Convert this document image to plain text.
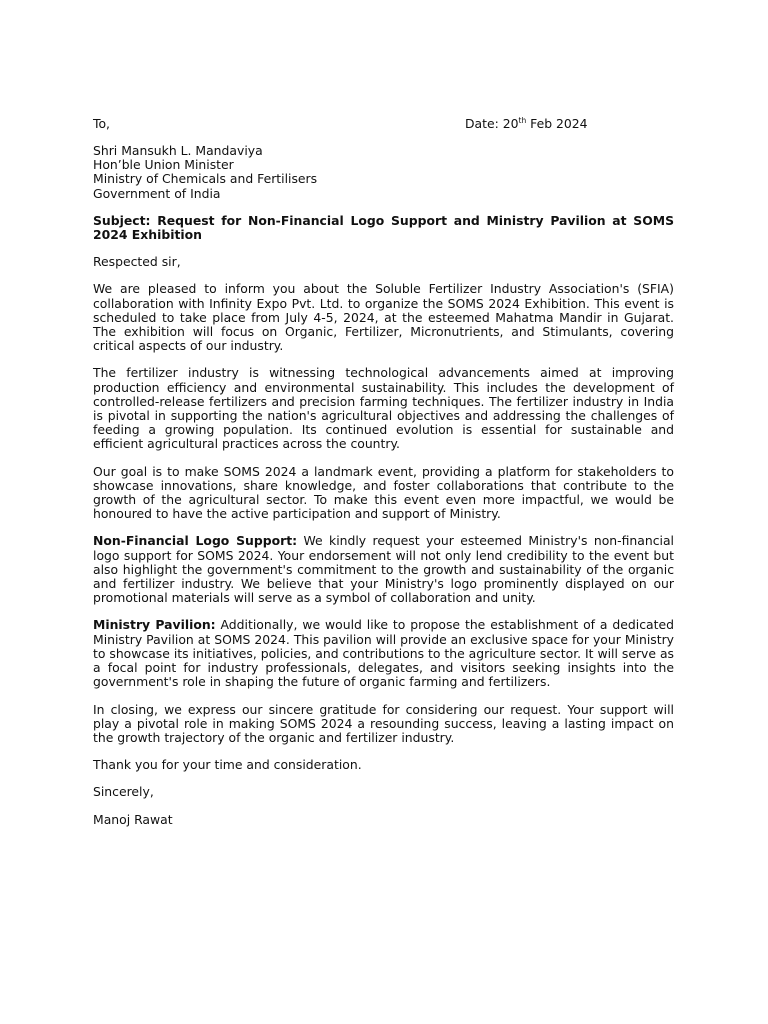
To,	Date: 20th Feb 2024
Shri Mansukh L. Mandaviya
Hon’ble Union Minister
Ministry of Chemicals and Fertilisers
Government of India
Subject: Request for Non-Financial Logo Support and Ministry Pavilion at SOMS 2024 Exhibition

Respected sir,

We are pleased to inform you about the Soluble Fertilizer Industry Association's (SFIA) collaboration with Infinity Expo Pvt. Ltd. to organize the SOMS 2024 Exhibition. This event is scheduled to take place from July 4-5, 2024, at the esteemed Mahatma Mandir in Gujarat. The exhibition will focus on Organic, Fertilizer, Micronutrients, and Stimulants, covering critical aspects of our industry.

The fertilizer industry is witnessing technological advancements aimed at improving production efficiency and environmental sustainability. This includes the development of controlled-release fertilizers and precision farming techniques. The fertilizer industry in India is pivotal in supporting the nation's agricultural objectives and addressing the challenges of feeding a growing population. Its continued evolution is essential for sustainable and efficient agricultural practices across the country.

Our goal is to make SOMS 2024 a landmark event, providing a platform for stakeholders to showcase innovations, share knowledge, and foster collaborations that contribute to the growth of the agricultural sector. To make this event even more impactful, we would be honoured to have the active participation and support of Ministry.

Non-Financial Logo Support: We kindly request your esteemed Ministry's non-financial logo support for SOMS 2024. Your endorsement will not only lend credibility to the event but also highlight the government's commitment to the growth and sustainability of the organic and fertilizer industry. We believe that your Ministry's logo prominently displayed on our promotional materials will serve as a symbol of collaboration and unity.

Ministry Pavilion: Additionally, we would like to propose the establishment of a dedicated Ministry Pavilion at SOMS 2024. This pavilion will provide an exclusive space for your Ministry to showcase its initiatives, policies, and contributions to the agriculture sector. It will serve as a focal point for industry professionals, delegates, and visitors seeking insights into the government's role in shaping the future of organic farming and fertilizers.

In closing, we express our sincere gratitude for considering our request. Your support will play a pivotal role in making SOMS 2024 a resounding success, leaving a lasting impact on the growth trajectory of the organic and fertilizer industry.

Thank you for your time and consideration.

Sincerely,

Manoj Rawat
